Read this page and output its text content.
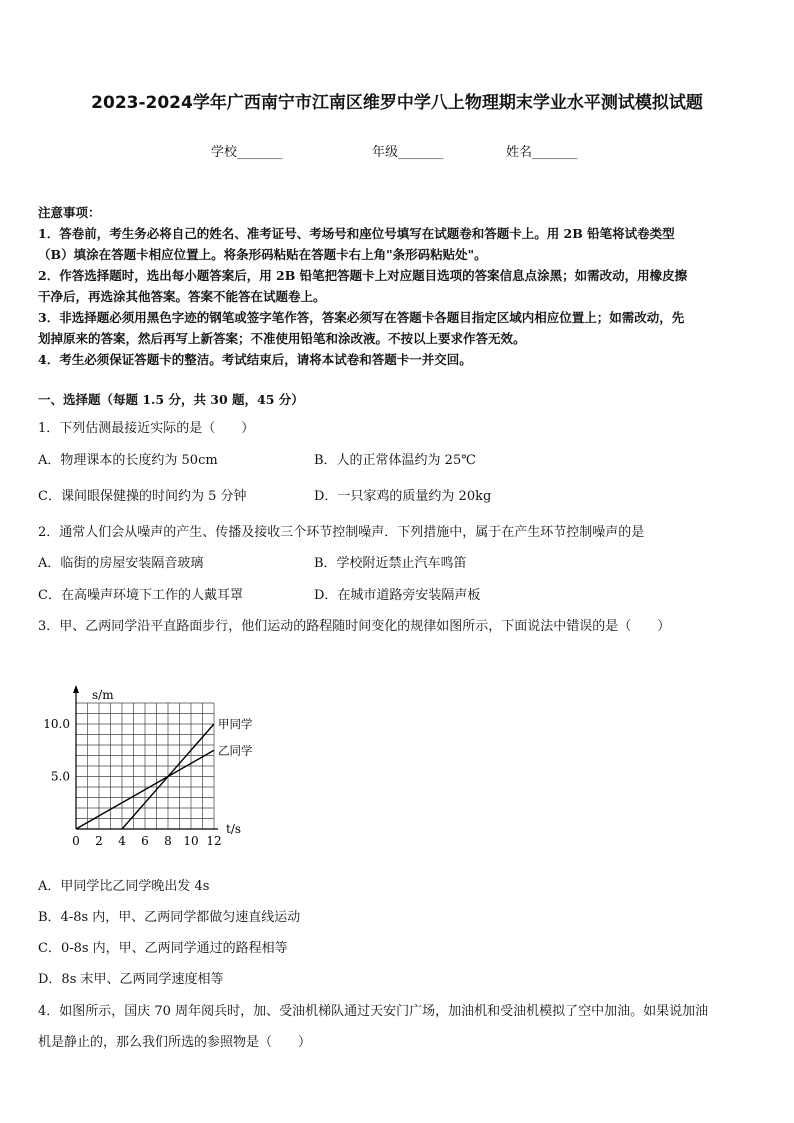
2023-2024学年广西南宁市江南区维罗中学八上物理期末学业水平测试模拟试题
学校_______	年级_______	姓名_______
注意事项：
1．答卷前，考生务必将自己的姓名、准考证号、考场号和座位号填写在试题卷和答题卡上。用 2B 铅笔将试卷类型
（B）填涂在答题卡相应位置上。将条形码粘贴在答题卡右上角"条形码粘贴处"。
2．作答选择题时，选出每小题答案后，用 2B 铅笔把答题卡上对应题目选项的答案信息点涂黑；如需改动，用橡皮擦
干净后，再选涂其他答案。答案不能答在试题卷上。
3．非选择题必须用黑色字迹的钢笔或签字笔作答，答案必须写在答题卡各题目指定区域内相应位置上；如需改动，先
划掉原来的答案，然后再写上新答案；不准使用铅笔和涂改液。不按以上要求作答无效。
4．考生必须保证答题卡的整洁。考试结束后，请将本试卷和答题卡一并交回。
一、选择题（每题 1.5 分，共 30 题，45 分）
1．下列估测最接近实际的是（　　）
A．物理课本的长度约为 50cm	B．人的正常体温约为 25℃
C．课间眼保健操的时间约为 5 分钟	D．一只家鸡的质量约为 20kg
2．通常人们会从噪声的产生、传播及接收三个环节控制噪声．下列措施中，属于在产生环节控制噪声的是
A．临街的房屋安装隔音玻璃	B．学校附近禁止汽车鸣笛
C．在高噪声环境下工作的人戴耳罩	D．在城市道路旁安装隔声板
3．甲、乙两同学沿平直路面步行，他们运动的路程随时间变化的规律如图所示，下面说法中错误的是（　　）
s/m
t/s
0 2 4 6 8 10 12
5.0
10.0	甲同学
乙同学
A．甲同学比乙同学晚出发 4s
B．4-8s 内，甲、乙两同学都做匀速直线运动
C．0-8s 内，甲、乙两同学通过的路程相等
D．8s 末甲、乙两同学速度相等
4．如图所示，国庆 70 周年阅兵时，加、受油机梯队通过天安门广场，加油机和受油机模拟了空中加油。如果说加油
机是静止的，那么我们所选的参照物是（　　）
